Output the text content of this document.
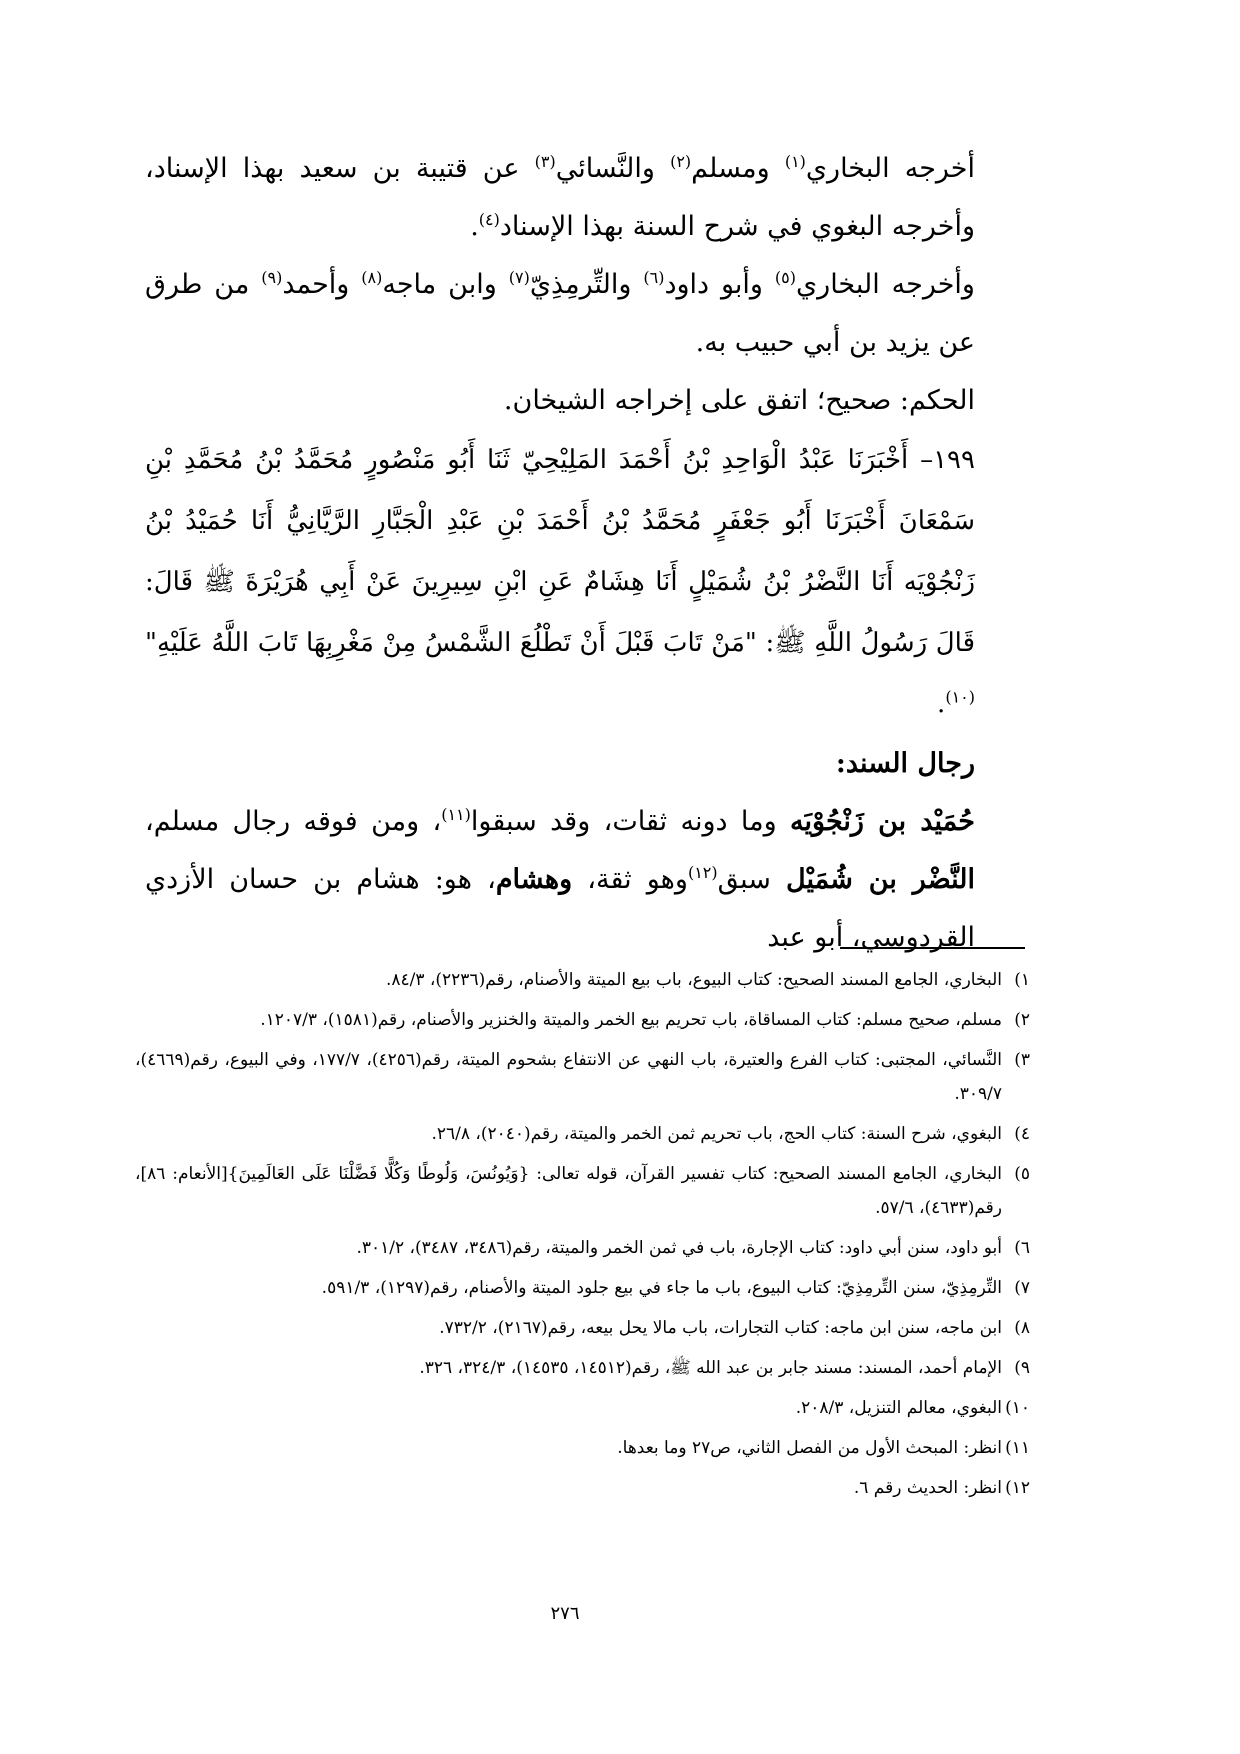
أخرجه البخاري$^{(١)}$ ومسلم$^{(٢)}$ والنَّسائي$^{(٣)}$ عن قتيبة بن سعيد بهذا الإسناد، وأخرجه البغوي في شرح السنة بهذا الإسناد$^{(٤)}$.

وأخرجه البخاري$^{(٥)}$ وأبو داود$^{(٦)}$ والتِّرمِذِيّ$^{(٧)}$ وابن ماجه$^{(٨)}$ وأحمد$^{(٩)}$ من طرق عن يزيد بن أبي حبيب به.

الحكم: صحيح؛ اتفق على إخراجه الشيخان.

١٩٩– أَخْبَرَنَا عَبْدُ الْوَاحِدِ بْنُ أَحْمَدَ المَلِيْحِيّ ثَنَا أَبُو مَنْصُورٍ مُحَمَّدُ بْنُ مُحَمَّدِ بْنِ سَمْعَانَ أَخْبَرَنَا أَبُو جَعْفَرٍ مُحَمَّدُ بْنُ أَحْمَدَ بْنِ عَبْدِ الْجَبَّارِ الرَّيَّانِيُّ أَنَا حُمَيْدُ بْنُ زَنْجُوْيَه أَنَا النَّضْرُ بْنُ شُمَيْلٍ أَنَا هِشَامٌ عَنِ ابْنِ سِيرِينَ عَنْ أَبِي هُرَيْرَةَ ﷺ قَالَ: قَالَ رَسُولُ اللَّهِ ﷺ: "مَنْ تَابَ قَبْلَ أَنْ تَطْلُعَ الشَّمْسُ مِنْ مَغْرِبِهَا تَابَ اللَّهُ عَلَيْهِ"$^{(١٠)}$.

رجال السند:

حُمَيْد بن زَنْجُوْيَه وما دونه ثقات، وقد سبقوا$^{(١١)}$، ومن فوقه رجال مسلم، النَّضْر بن شُمَيْل سبق$^{(١٢)}$وهو ثقة، وهشام، هو: هشام بن حسان الأزدي القردوسي، أبو عبد

١)
البخاري، الجامع المسند الصحيح: كتاب البيوع، باب بيع الميتة والأصنام، رقم(٢٢٣٦)، ٨٤/٣.
٢)
مسلم، صحيح مسلم: كتاب المساقاة، باب تحريم بيع الخمر والميتة والخنزير والأصنام، رقم(١٥٨١)، ١٢٠٧/٣.
٣)
النَّسائي، المجتبى: كتاب الفرع والعتيرة، باب النهي عن الانتفاع بشحوم الميتة، رقم(٤٢٥٦)، ١٧٧/٧، وفي البيوع، رقم(٤٦٦٩)، ٣٠٩/٧.
٤)
البغوي، شرح السنة: كتاب الحج، باب تحريم ثمن الخمر والميتة، رقم(٢٠٤٠)، ٢٦/٨.
٥)
البخاري، الجامع المسند الصحيح: كتاب تفسير القرآن، قوله تعالى: {وَيُونُسَ، وَلُوطًا وَكُلًّا فَضَّلْنَا عَلَى العَالَمِينَ}[الأنعام: ٨٦]، رقم(٤٦٣٣)، ٥٧/٦.
٦)
أبو داود، سنن أبي داود: كتاب الإجارة، باب في ثمن الخمر والميتة، رقم(٣٤٨٦، ٣٤٨٧)، ٣٠١/٢.
٧)
التِّرمِذِيّ، سنن التِّرمِذِيّ: كتاب البيوع، باب ما جاء في بيع جلود الميتة والأصنام، رقم(١٢٩٧)، ٥٩١/٣.
٨)
ابن ماجه، سنن ابن ماجه: كتاب التجارات، باب مالا يحل بيعه، رقم(٢١٦٧)، ٧٣٢/٢.
٩)
الإمام أحمد، المسند: مسند جابر بن عبد الله ﷺ، رقم(١٤٥١٢، ١٤٥٣٥)، ٣٢٤/٣، ٣٢٦.
١٠)
البغوي، معالم التنزيل، ٢٠٨/٣.
١١)
انظر: المبحث الأول من الفصل الثاني، ص٢٧ وما بعدها.
١٢)
انظر: الحديث رقم ٦.
٢٧٦
